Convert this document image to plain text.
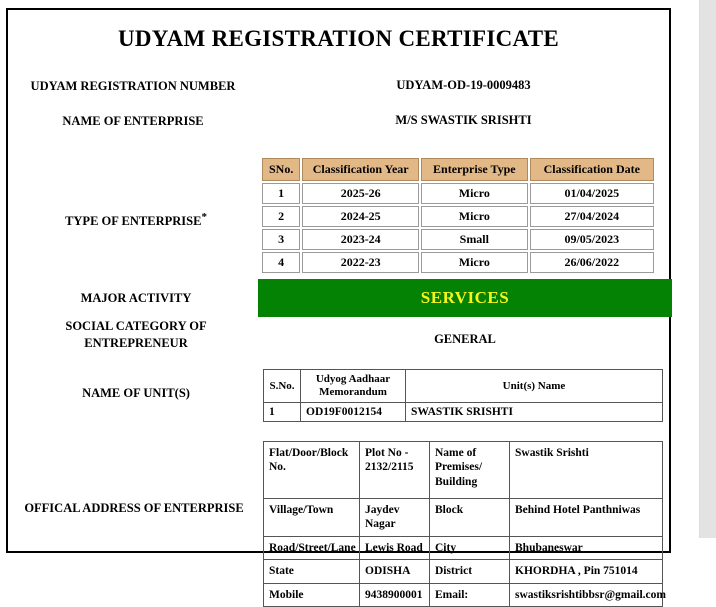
UDYAM REGISTRATION CERTIFICATE
UDYAM REGISTRATION NUMBER	UDYAM-OD-19-0009483
NAME OF ENTERPRISE	M/S SWASTIK SRISHTI
TYPE OF ENTERPRISE*
SNo.	Classification Year	Enterprise Type	Classification Date
1	2025-26	Micro	01/04/2025
2	2024-25	Micro	27/04/2024
3	2023-24	Small	09/05/2023
4	2022-23	Micro	26/06/2022
MAJOR ACTIVITY	SERVICES
SOCIAL CATEGORY OF ENTREPRENEUR	GENERAL
NAME OF UNIT(S)
S.No.	Udyog Aadhaar Memorandum	Unit(s) Name
1	OD19F0012154	SWASTIK SRISHTI
OFFICAL ADDRESS OF ENTERPRISE
Flat/Door/Block No.	Plot No - 2132/2115	Name of Premises/ Building	Swastik Srishti
Village/Town	Jaydev Nagar	Block	Behind Hotel Panthniwas
Road/Street/Lane	Lewis Road	City	Bhubaneswar
State	ODISHA	District	KHORDHA , Pin 751014
Mobile	9438900001	Email:	swastiksrishtibbsr@gmail.com
